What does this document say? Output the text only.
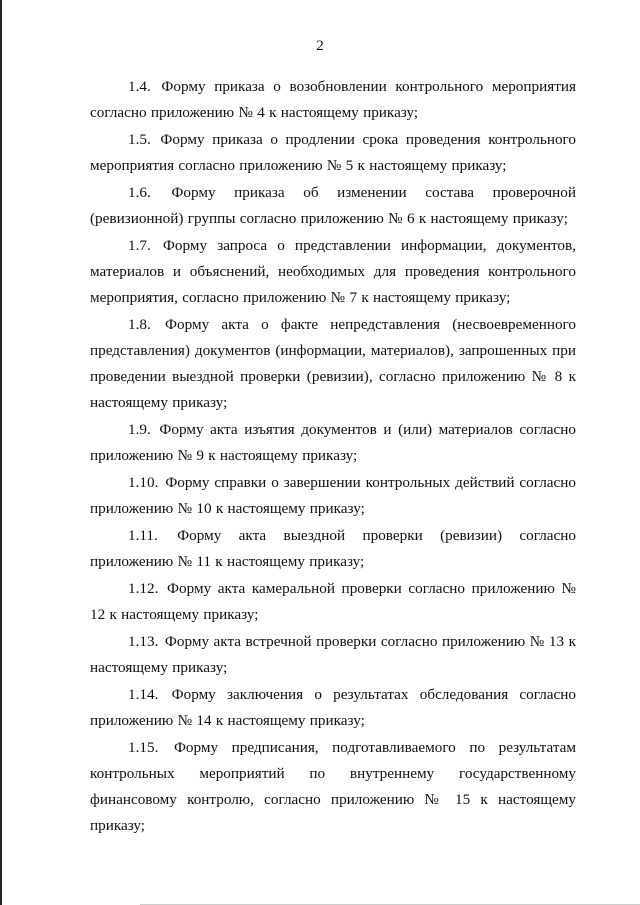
2

1.4. Форму приказа о возобновлении контрольного мероприятия согласно приложению № 4 к настоящему приказу;

1.5. Форму приказа о продлении срока проведения контрольного мероприятия согласно приложению № 5 к настоящему приказу;

1.6. Форму приказа об изменении состава проверочной (ревизионной) группы согласно приложению № 6 к настоящему приказу;

1.7. Форму запроса о представлении информации, документов, материалов и объяснений, необходимых для проведения контрольного мероприятия, согласно приложению № 7 к настоящему приказу;

1.8. Форму акта о факте непредставления (несвоевременного представления) документов (информации, материалов), запрошенных при проведении выездной проверки (ревизии), согласно приложению № 8 к настоящему приказу;

1.9. Форму акта изъятия документов и (или) материалов согласно приложению № 9 к настоящему приказу;

1.10. Форму справки о завершении контрольных действий согласно приложению № 10 к настоящему приказу;

1.11. Форму акта выездной проверки (ревизии) согласно приложению № 11 к настоящему приказу;

1.12. Форму акта камеральной проверки согласно приложению № 12 к настоящему приказу;

1.13. Форму акта встречной проверки согласно приложению № 13 к настоящему приказу;

1.14. Форму заключения о результатах обследования согласно приложению № 14 к настоящему приказу;

1.15. Форму предписания, подготавливаемого по результатам контрольных мероприятий по внутреннему государственному финансовому контролю, согласно приложению № 15 к настоящему приказу;
